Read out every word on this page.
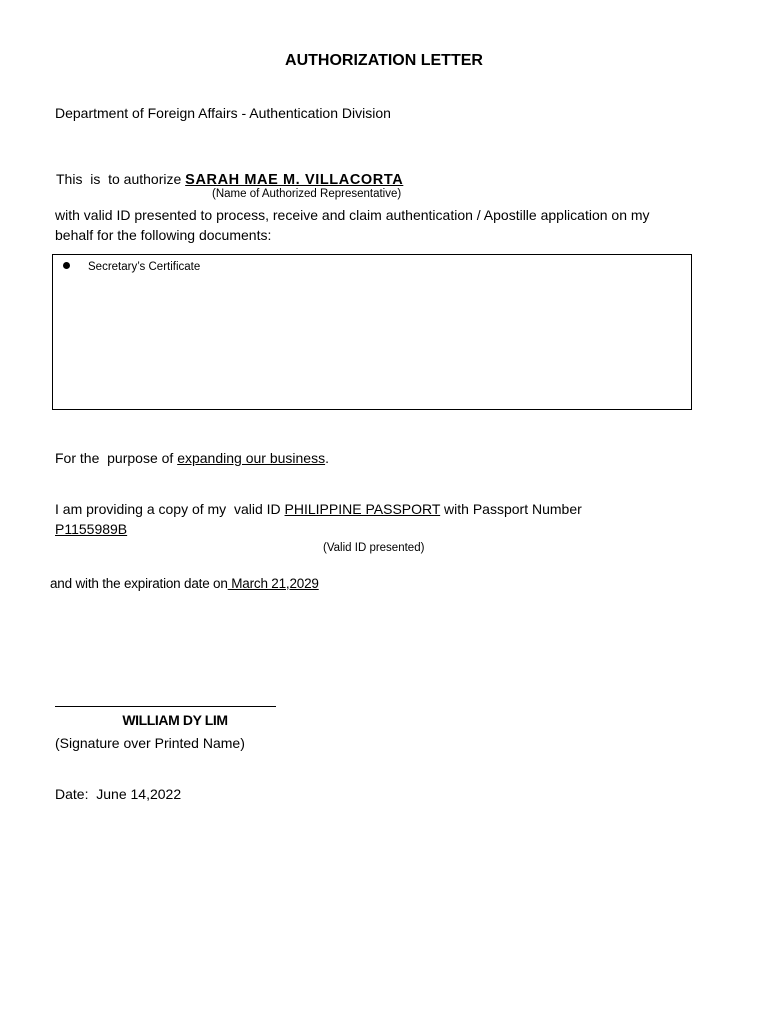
AUTHORIZATION LETTER
Department of Foreign Affairs - Authentication Division
This  is  to authorize SARAH MAE M. VILLACORTA
(Name of Authorized Representative)
with valid ID presented to process, receive and claim authentication / Apostille application on my
behalf for the following documents:
Secretary’s Certificate
For the  purpose of expanding our business.
I am providing a copy of my  valid ID PHILIPPINE PASSPORT with Passport Number
P1155989B
(Valid ID presented)
and with the expiration date on March 21,2029
WILLIAM DY LIM
(Signature over Printed Name)
Date:  June 14,2022
